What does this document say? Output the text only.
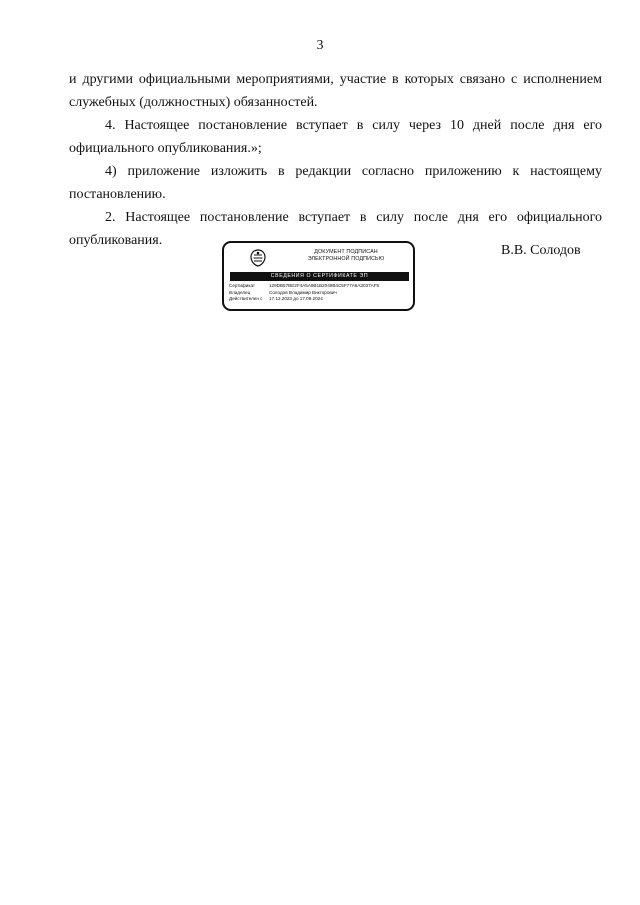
3

и другими официальными мероприятиями, участие в которых связано с исполнением служебных (должностных) обязанностей.

4. Настоящее постановление вступает в силу через 10 дней после дня его официального опубликования.»;

4) приложение изложить в редакции согласно приложению к настоящему постановлению.

2. Настоящее постановление вступает в силу после дня его официального опубликования.

ДОКУМЕНТ ПОДПИСАН
ЭЛЕКТРОННОЙ ПОДПИСЬЮ
СВЕДЕНИЯ О СЕРТИФИКАТЕ ЭП
Сертификат	129DB57BE2F4A5A9B1B2049B4C5F77A6A3037AF5
Владелец	Солодов Владимир Викторович
Действителен с	17.12.2023 до 17.09.2024
В.В. Солодов
